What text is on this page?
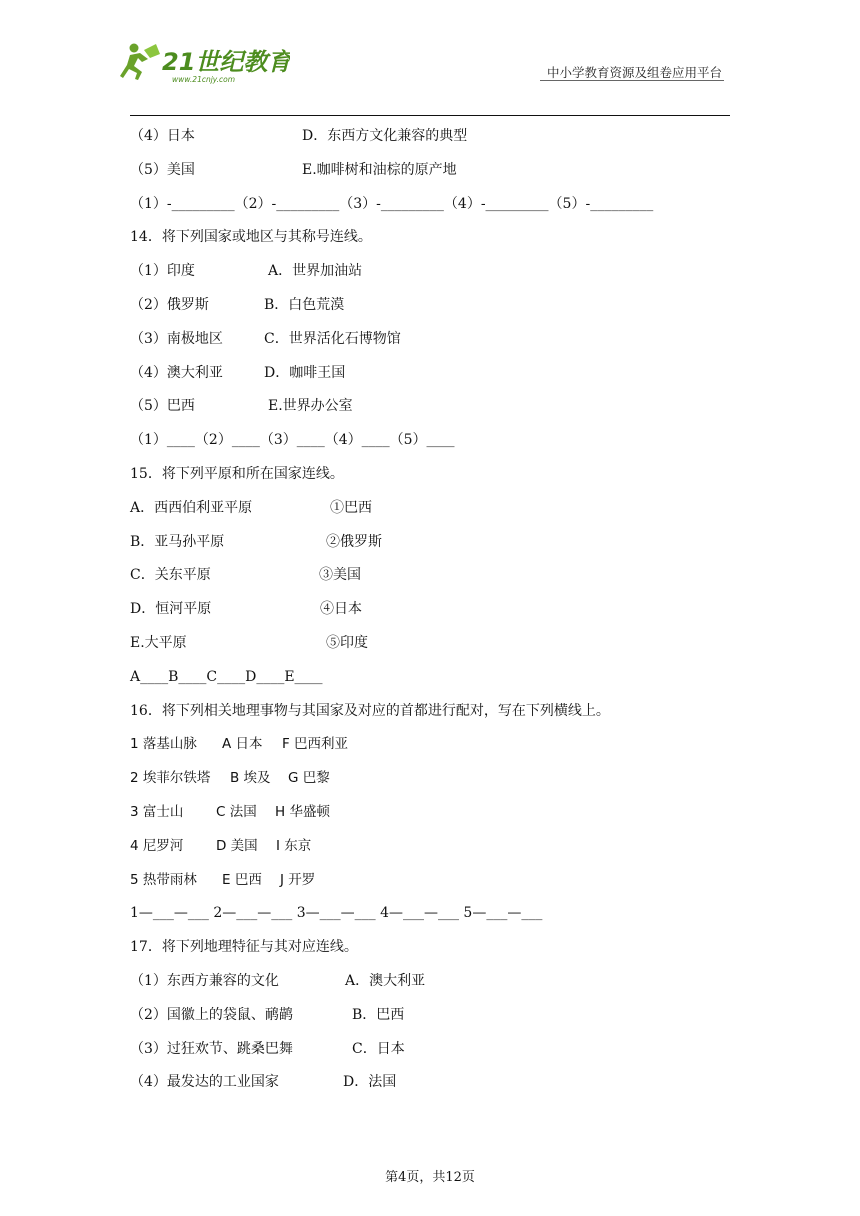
21世纪教育
www.21cnjy.com	中小学教育资源及组卷应用平台
（4）日本	D．东西方文化兼容的典型
（5）美国	E.咖啡树和油棕的原产地
（1）-_________（2）-_________（3）-_________（4）-_________（5）-_________
14．将下列国家或地区与其称号连线。
（1）印度	A．世界加油站
（2）俄罗斯	B．白色荒漠
（3）南极地区	C．世界活化石博物馆
（4）澳大利亚	D．咖啡王国
（5）巴西	E.世界办公室
（1）____（2）____（3）____（4）____（5）____
15．将下列平原和所在国家连线。
A．西西伯利亚平原	①巴西
B．亚马孙平原	②俄罗斯
C．关东平原	③美国
D．恒河平原	④日本
E.大平原	⑤印度
A____B____C____D____E____
16．将下列相关地理事物与其国家及对应的首都进行配对，写在下列横线上。
1 落基山脉 A 日本 F 巴西利亚
2 埃菲尔铁塔 B 埃及 G 巴黎
3 富士山 C 法国 H 华盛顿
4 尼罗河 D 美国 I 东京
5 热带雨林 E 巴西 J 开罗
1—___—___ 2—___—___ 3—___—___ 4—___—___ 5—___—___
17．将下列地理特征与其对应连线。
（1）东西方兼容的文化	A．澳大利亚
（2）国徽上的袋鼠、鸸鹋	B．巴西
（3）过狂欢节、跳桑巴舞	C．日本
（4）最发达的工业国家	D．法国
第4页，共12页
